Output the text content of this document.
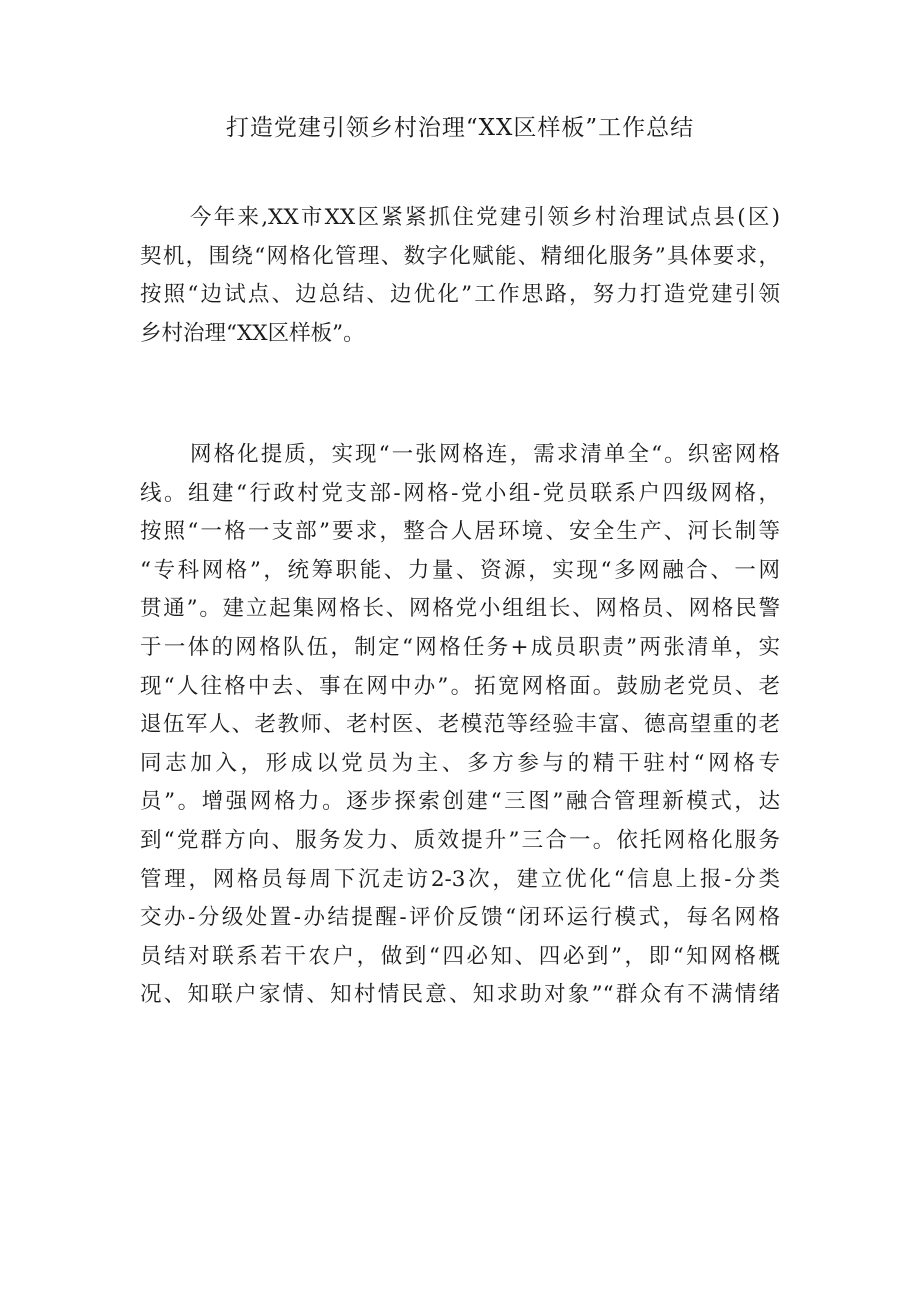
打造党建引领乡村治理“XX区样板”工作总结
今年来,XX市XX区紧紧抓住党建引领乡村治理试点县(区)
契机，围绕“网格化管理、数字化赋能、精细化服务”具体要求，
按照“边试点、边总结、边优化”工作思路，努力打造党建引领
乡村治理“XX区样板”。
网格化提质，实现“一张网格连，需求清单全“。织密网格
线。组建“行政村党支部-网格-党小组-党员联系户四级网格，
按照“一格一支部”要求，整合人居环境、安全生产、河长制等
“专科网格”，统筹职能、力量、资源，实现“多网融合、一网
贯通”。建立起集网格长、网格党小组组长、网格员、网格民警
于一体的网格队伍，制定“网格任务+成员职责”两张清单，实
现“人往格中去、事在网中办”。拓宽网格面。鼓励老党员、老
退伍军人、老教师、老村医、老模范等经验丰富、德高望重的老
同志加入，形成以党员为主、多方参与的精干驻村“网格专
员”。增强网格力。逐步探索创建“三图”融合管理新模式，达
到“党群方向、服务发力、质效提升”三合一。依托网格化服务
管理，网格员每周下沉走访2-3次，建立优化“信息上报-分类
交办-分级处置-办结提醒-评价反馈“闭环运行模式，每名网格
员结对联系若干农户，做到“四必知、四必到”，即“知网格概
况、知联户家情、知村情民意、知求助对象”“群众有不满情绪
